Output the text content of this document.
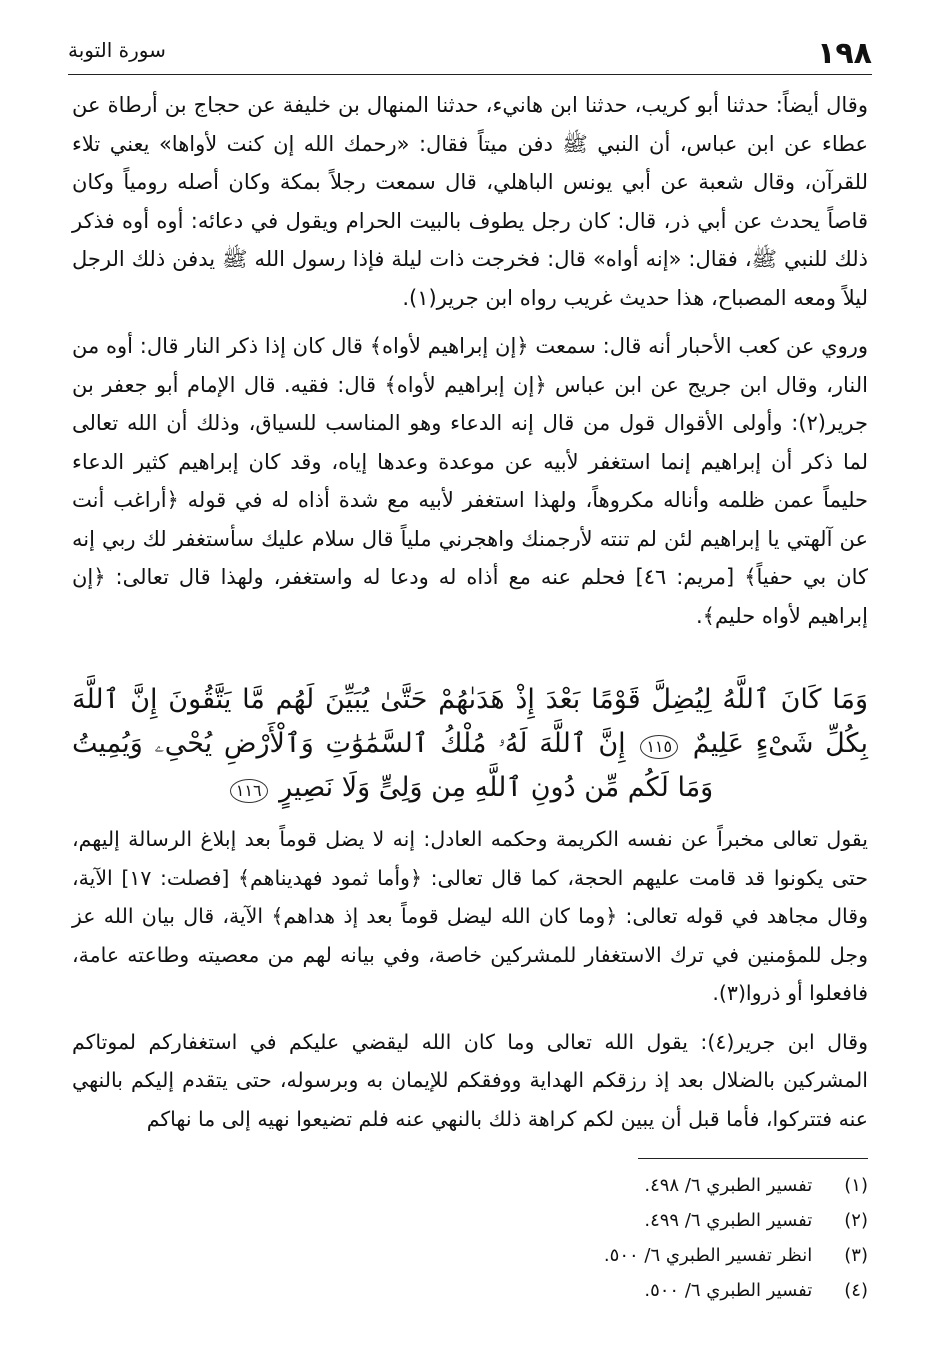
١٩٨
سورة التوبة

وقال أيضاً: حدثنا أبو كريب، حدثنا ابن هانيء، حدثنا المنهال بن خليفة عن حجاج بن أرطاة عن عطاء عن ابن عباس، أن النبي ﷺ دفن ميتاً فقال: «رحمك الله إن كنت لأواها» يعني تلاء للقرآن، وقال شعبة عن أبي يونس الباهلي، قال سمعت رجلاً بمكة وكان أصله رومياً وكان قاصاً يحدث عن أبي ذر، قال: كان رجل يطوف بالبيت الحرام ويقول في دعائه: أوه أوه فذكر ذلك للنبي ﷺ، فقال: «إنه أواه» قال: فخرجت ذات ليلة فإذا رسول الله ﷺ يدفن ذلك الرجل ليلاً ومعه المصباح، هذا حديث غريب رواه ابن جرير(١).

وروي عن كعب الأحبار أنه قال: سمعت ﴿إن إبراهيم لأواه﴾ قال كان إذا ذكر النار قال: أوه من النار، وقال ابن جريج عن ابن عباس ﴿إن إبراهيم لأواه﴾ قال: فقيه. قال الإمام أبو جعفر بن جرير(٢): وأولى الأقوال قول من قال إنه الدعاء وهو المناسب للسياق، وذلك أن الله تعالى لما ذكر أن إبراهيم إنما استغفر لأبيه عن موعدة وعدها إياه، وقد كان إبراهيم كثير الدعاء حليماً عمن ظلمه وأناله مكروهاً، ولهذا استغفر لأبيه مع شدة أذاه له في قوله ﴿أراغب أنت عن آلهتي يا إبراهيم لئن لم تنته لأرجمنك واهجرني ملياً قال سلام عليك سأستغفر لك ربي إنه كان بي حفياً﴾ [مريم: ٤٦] فحلم عنه مع أذاه له ودعا له واستغفر، ولهذا قال تعالى: ﴿إن إبراهيم لأواه حليم﴾.

وَمَا كَانَ ٱللَّهُ لِيُضِلَّ قَوْمًا بَعْدَ إِذْ هَدَىٰهُمْ حَتَّىٰ يُبَيِّنَ لَهُم مَّا يَتَّقُونَ إِنَّ ٱللَّهَ بِكُلِّ شَىْءٍ عَلِيمٌ ١١٥ إِنَّ ٱللَّهَ لَهُۥ مُلْكُ ٱلسَّمَٰوَٰتِ وَٱلْأَرْضِ يُحْىِۦ وَيُمِيتُ وَمَا لَكُم مِّن دُونِ ٱللَّهِ مِن وَلِىٍّ وَلَا نَصِيرٍ ١١٦

يقول تعالى مخبراً عن نفسه الكريمة وحكمه العادل: إنه لا يضل قوماً بعد إبلاغ الرسالة إليهم، حتى يكونوا قد قامت عليهم الحجة، كما قال تعالى: ﴿وأما ثمود فهديناهم﴾ [فصلت: ١٧] الآية، وقال مجاهد في قوله تعالى: ﴿وما كان الله ليضل قوماً بعد إذ هداهم﴾ الآية، قال بيان الله عز وجل للمؤمنين في ترك الاستغفار للمشركين خاصة، وفي بيانه لهم من معصيته وطاعته عامة، فافعلوا أو ذروا(٣).

وقال ابن جرير(٤): يقول الله تعالى وما كان الله ليقضي عليكم في استغفاركم لموتاكم المشركين بالضلال بعد إذ رزقكم الهداية ووفقكم للإيمان به وبرسوله، حتى يتقدم إليكم بالنهي عنه فتتركوا، فأما قبل أن يبين لكم كراهة ذلك بالنهي عنه فلم تضيعوا نهيه إلى ما نهاكم

(١) تفسير الطبري ٦/ ٤٩٨.
(٢) تفسير الطبري ٦/ ٤٩٩.
(٣) انظر تفسير الطبري ٦/ ٥٠٠.
(٤) تفسير الطبري ٦/ ٥٠٠.
